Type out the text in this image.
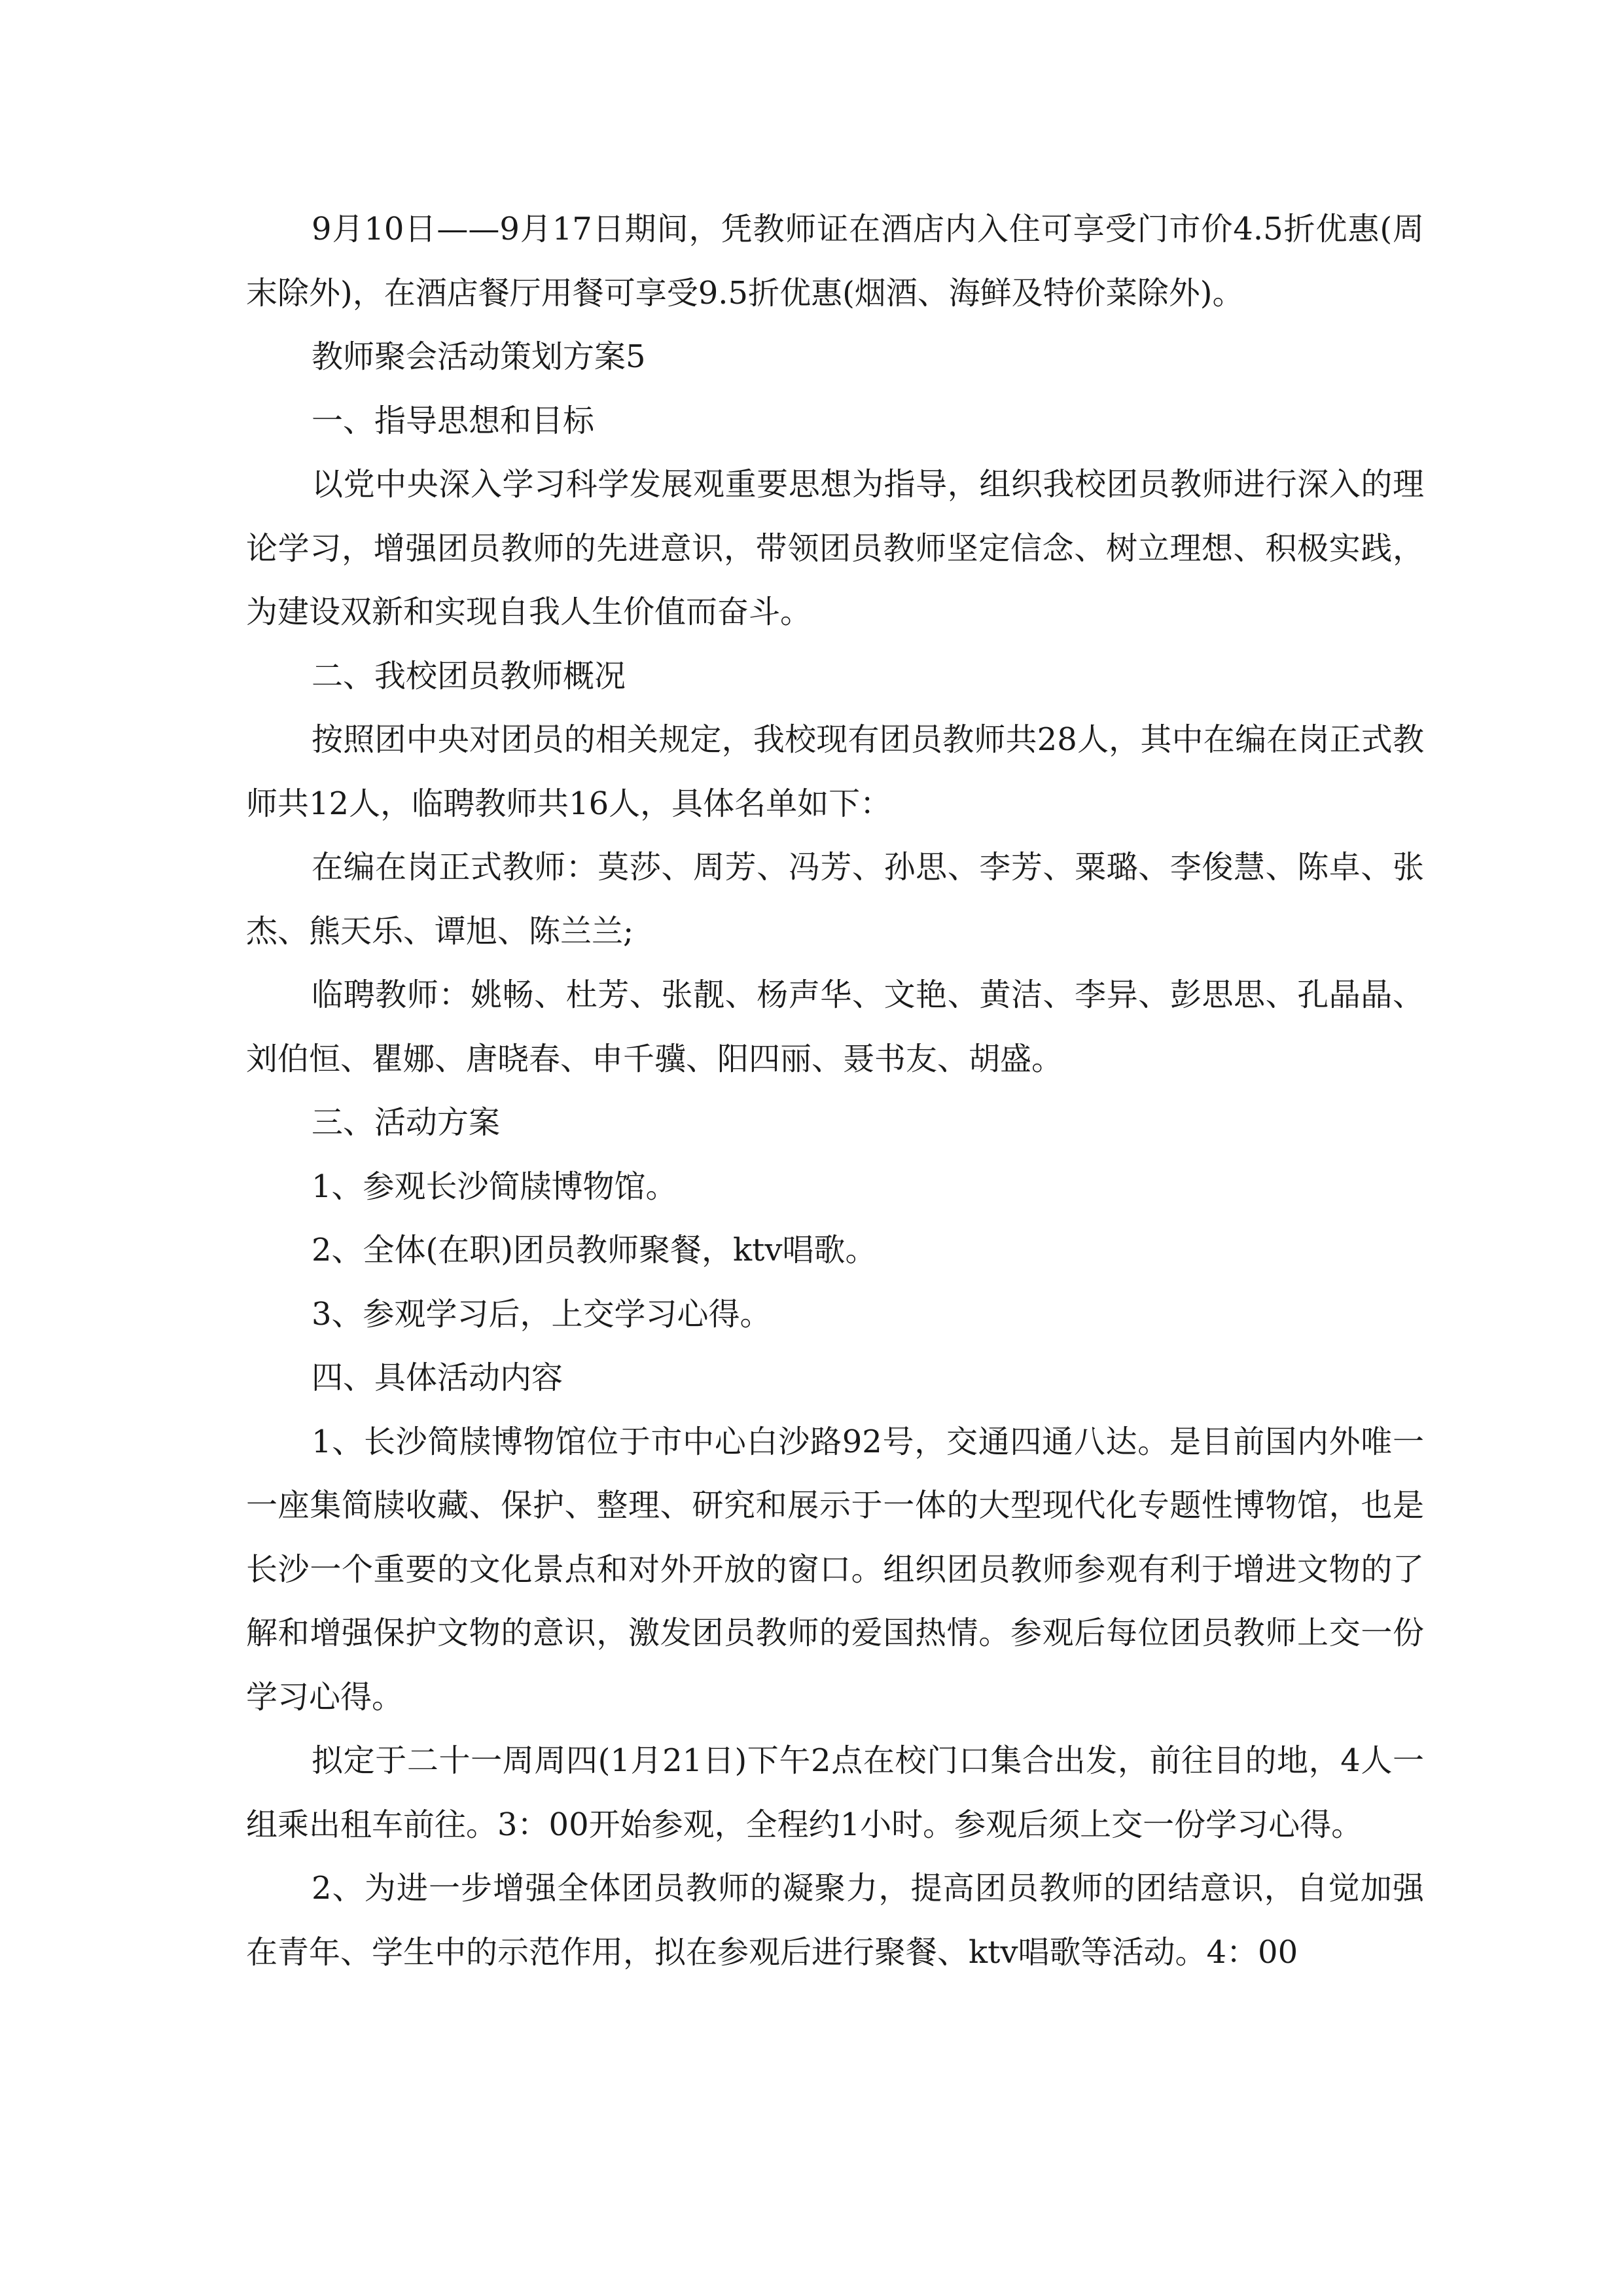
9月10日——9月17日期间，凭教师证在酒店内入住可享受门市价4.5折优惠(周末除外)，在酒店餐厅用餐可享受9.5折优惠(烟酒、海鲜及特价菜除外)。

教师聚会活动策划方案5

一、指导思想和目标

以党中央深入学习科学发展观重要思想为指导，组织我校团员教师进行深入的理论学习，增强团员教师的先进意识，带领团员教师坚定信念、树立理想、积极实践，为建设双新和实现自我人生价值而奋斗。

二、我校团员教师概况

按照团中央对团员的相关规定，我校现有团员教师共28人，其中在编在岗正式教师共12人，临聘教师共16人，具体名单如下：

在编在岗正式教师：莫莎、周芳、冯芳、孙思、李芳、粟璐、李俊慧、陈卓、张杰、熊天乐、谭旭、陈兰兰;

临聘教师：姚畅、杜芳、张靓、杨声华、文艳、黄洁、李异、彭思思、孔晶晶、刘伯恒、瞿娜、唐晓春、申千骥、阳四丽、聂书友、胡盛。

三、活动方案

1、参观长沙简牍博物馆。

2、全体(在职)团员教师聚餐，ktv唱歌。

3、参观学习后，上交学习心得。

四、具体活动内容

1、长沙简牍博物馆位于市中心白沙路92号，交通四通八达。是目前国内外唯一一座集简牍收藏、保护、整理、研究和展示于一体的大型现代化专题性博物馆，也是长沙一个重要的文化景点和对外开放的窗口。组织团员教师参观有利于增进文物的了解和增强保护文物的意识，激发团员教师的爱国热情。参观后每位团员教师上交一份学习心得。

拟定于二十一周周四(1月21日)下午2点在校门口集合出发，前往目的地，4人一组乘出租车前往。3：00开始参观，全程约1小时。参观后须上交一份学习心得。

2、为进一步增强全体团员教师的凝聚力，提高团员教师的团结意识，自觉加强在青年、学生中的示范作用，拟在参观后进行聚餐、ktv唱歌等活动。4：00
